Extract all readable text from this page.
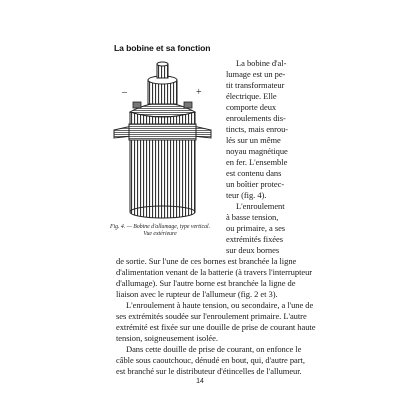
La bobine et sa fonction
–	+
Fig. 4. — Bobine d'allumage, type vertical.
Vue extérieure
La bobine d'al-
lumage est un pe-
tit transformateur
électrique. Elle
comporte deux
enroulements dis-
tincts, mais enrou-
lés sur un même
noyau magnétique
en fer. L'ensemble
est contenu dans
un boîtier protec-
teur (fig. 4).
L'enroulement
à basse tension,
ou primaire, a ses
extrémités fixées
sur deux bornes
de sortie. Sur l'une de ces bornes est branchée la ligne
d'alimentation venant de la batterie (à travers l'interrupteur
d'allumage). Sur l'autre borne est branchée la ligne de
liaison avec le rupteur de l'allumeur (fig. 2 et 3).
L'enroulement à haute tension, ou secondaire, a l'une de
ses extrémités soudée sur l'enroulement primaire. L'autre
extrémité est fixée sur une douille de prise de courant haute
tension, soigneusement isolée.
Dans cette douille de prise de courant, on enfonce le
câble sous caoutchouc, dénudé en bout, qui, d'autre part,
est branché sur le distributeur d'étincelles de l'allumeur.
14
